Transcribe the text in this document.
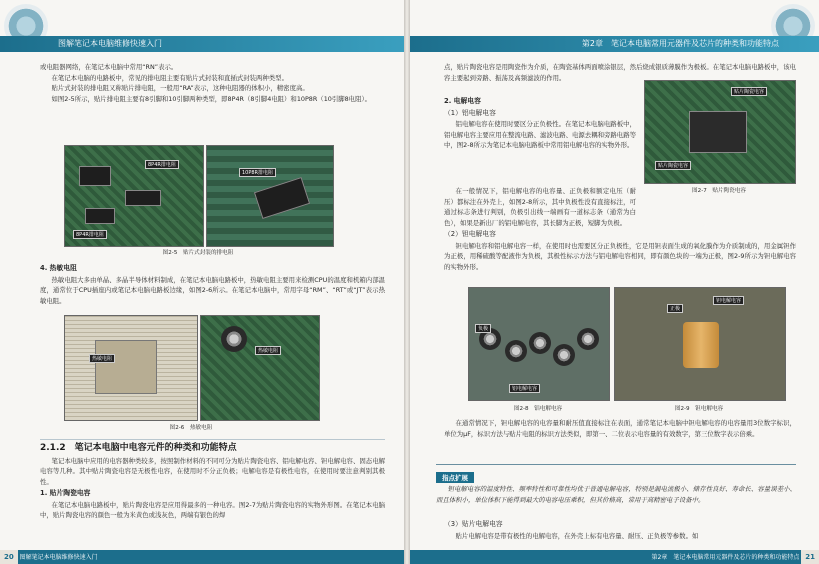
图解笔记本电脑维修快速入门

或电阻器网络，在笔记本电脑中常用“RN”表示。

在笔记本电脑的电路板中，常见的排电阻主要有贴片式封装和直插式封装两种类型。

贴片式封装的排电阻又称贴片排电阻，一般用“RA”表示，这种电阻器的体积小，精密度高。

如图2-5所示，贴片排电阻主要有8引脚和10引脚两种类型，即8P4R（8引脚4电阻）和10P8R（10引脚8电阻）。

8P4R排电阻
8P4R排电阻
10P8R排电阻
图2-5　贴片式封装的排电阻
4. 热敏电阻

热敏电阻大多由单晶、多晶半导体材料制成，在笔记本电脑电路板中，热敏电阻主要用来检测CPU的温度和机箱内部温度，通常位于CPU插座内或笔记本电脑电路板边缘，如图2-6所示。在笔记本电脑中，常用字母“RM”、“RT”或“JT”表示热敏电阻。

热敏电阻
热敏电阻
图2-6　热敏电阻
2.1.2　笔记本电脑中电容元件的种类和功能特点

笔记本电脑中应用的电容器种类较多，按照制作材料的不同可分为贴片陶瓷电容、铝电解电容、钽电解电容、固态电解电容等几种。其中贴片陶瓷电容是无极性电容，在使用时不分正负极；电解电容是有极性电容，在使用时要注意判别其极性。

1. 贴片陶瓷电容

在笔记本电脑电路板中，贴片陶瓷电容是应用得最多的一种电容。图2-7为贴片陶瓷电容的实物外形图。在笔记本电脑中，贴片陶瓷电容的颜色一般为米黄色或浅灰色，两端有银色的焊

20 图解笔记本电脑维修快速入门
第2章　笔记本电脑常用元器件及芯片的种类和功能特点

点，贴片陶瓷电容是用陶瓷作为介质，在陶瓷基体两面喷涂银层，然后烧成银质薄膜作为极板。在笔记本电脑电路板中，该电容主要起到旁路、振荡及高频滤波的作用。

2. 电解电容
（1）铝电解电容

铝电解电容在使用时要区分正负极性。在笔记本电脑电路板中，铝电解电容主要应用在整流电路、滤波电路、电源去耦和旁路电路等中，图2-8所示为笔记本电脑电路板中常用铝电解电容的实物外形。

贴片陶瓷电容
贴片陶瓷电容
图2-7　贴片陶瓷电容

在一般情况下，铝电解电容的电容量、正负极和额定电压（耐压）都标注在外壳上，如图2-8所示，其中负极性没有直接标注，可通过标志条进行判别，负极引出线一端画有一道标志条（通常为白色），如果是新出厂的铝电解电容，其长脚为正极，短脚为负极。

（2）钽电解电容

钽电解电容和铝电解电容一样，在使用时也需要区分正负极性，它是用钽表面生成的氧化膜作为介质制成的，用金属钽作为正极，用稀硫酸等配液作为负极，其极性标示方法与铝电解电容相同，即有颜色块的一端为正极，图2-9所示为钽电解电容的实物外形。

负极
铝电解电容
图2-8　铝电解电容
正极
钽电解电容
图2-9　钽电解电容

在通常情况下，钽电解电容的电容量和耐压值直接标注在表面，通常笔记本电脑中钽电解电容的电容量用3位数字标识，单位为μF，标识方法与贴片电阻的标识方法类似，即第一、二位表示电容量的有效数字，第三位数字表示倍乘。

指点扩展

钽电解电容的温度特性、频率特性和可靠性均优于普通电解电容，特别是漏电流极小、储存性良好、寿命长、容量误差小、而且体积小，单位体积下能得到最大的电容电压乘积，但其价格高，常用于高精密电子设备中。

（3）贴片电解电容

贴片电解电容是带有极性的电解电容，在外壳上标有电容量、耐压、正负极等参数。如

第2章　笔记本电脑常用元器件及芯片的种类和功能特点 21
